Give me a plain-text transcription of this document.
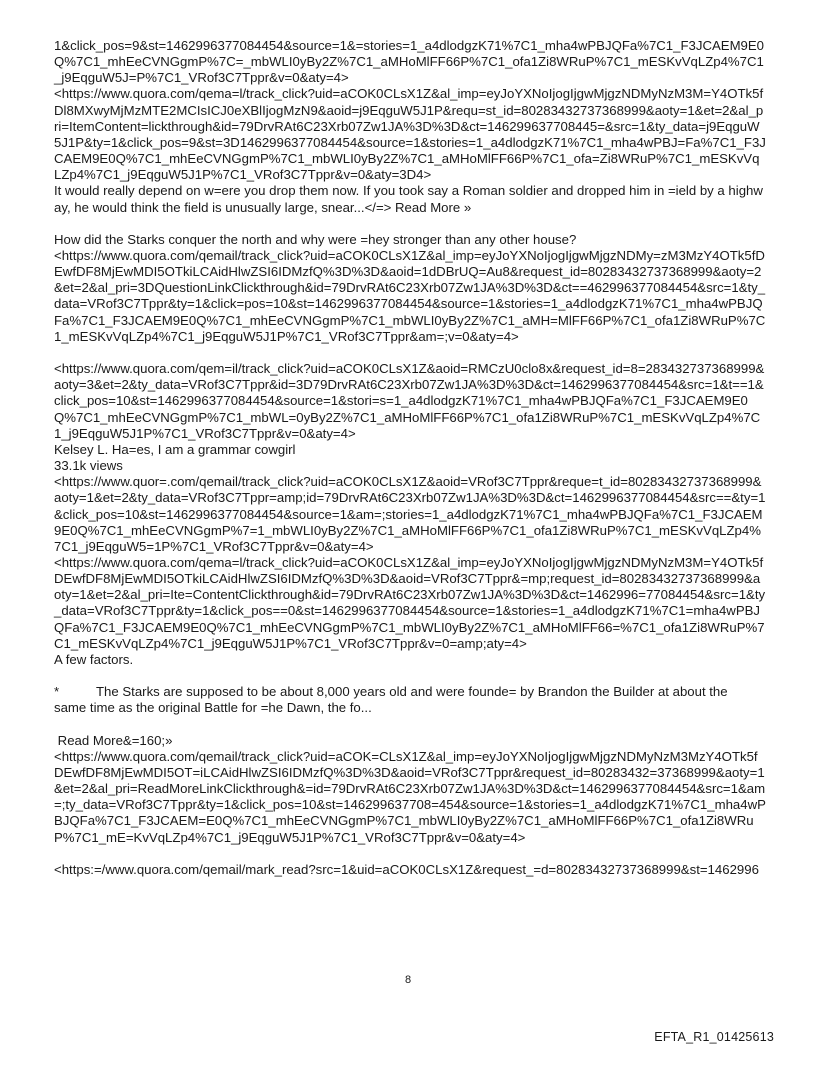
1&click_pos=9&st=1462996377084454&source=1&=stories=1_a4dlodgzK71%7C1_mha4wPBJQFa%7C1_F3JCAEM9E0Q%7C1_mhEeCVNGgmP%7C=_mbWLI0yBy2Z%7C1_aMHoMlFF66P%7C1_ofa1Zi8WRuP%7C1_mESKvVqLZp4%7C1_j9EqguW5J=P%7C1_VRof3C7Tppr&v=0&aty=4>
<https://www.quora.com/qema=l/track_click?uid=aCOK0CLsX1Z&al_imp=eyJoYXNoIjogIjgwMjgzNDMyNzM3M=Y4OTk5fDl8MXwyMjMzMTE2MCIsICJ0eXBlIjogMzN9&aoid=j9EqguW5J1P&requ=st_id=80283432737368999&aoty=1&et=2&al_pri=ItemContent=lickthrough&id=79DrvRAt6C23Xrb07Zw1JA%3D%3D&ct=146299637708445=&src=1&ty_data=j9EqguW5J1P&ty=1&click_pos=9&st=3D1462996377084454&source=1&stories=1_a4dlodgzK71%7C1_mha4wPBJ=Fa%7C1_F3JCAEM9E0Q%7C1_mhEeCVNGgmP%7C1_mbWLI0yBy2Z%7C1_aMHoMlFF66P%7C1_ofa=Zi8WRuP%7C1_mESKvVqLZp4%7C1_j9EqguW5J1P%7C1_VRof3C7Tppr&v=0&aty=3D4>

It would really depend on w=ere you drop them now. If you took say a Roman soldier and dropped him in =ield by a highway, he would think the field is unusually large, snear...</=> Read More »

How did the Starks conquer the north and why were =hey stronger than any other house?
<https://www.quora.com/qemail/track_click?uid=aCOK0CLsX1Z&al_imp=eyJoYXNoIjogIjgwMjgzNDMy=zM3MzY4OTk5fDEwfDF8MjEwMDI5OTkiLCAidHlwZSI6IDMzfQ%3D%3D&aoid=1dDBrUQ=Au8&request_id=80283432737368999&aoty=2&et=2&al_pri=3DQuestionLinkClickthrough&id=79DrvRAt6C23Xrb07Zw1JA%3D%3D&ct==462996377084454&src=1&ty_data=VRof3C7Tppr&ty=1&click=pos=10&st=1462996377084454&source=1&stories=1_a4dlodgzK71%7C1_mha4wPBJQFa%7C1_F3JCAEM9E0Q%7C1_mhEeCVNGgmP%7C1_mbWLI0yBy2Z%7C1_aMH=MlFF66P%7C1_ofa1Zi8WRuP%7C1_mESKvVqLZp4%7C1_j9EqguW5J1P%7C1_VRof3C7Tppr&am=;v=0&aty=4>

<https://www.quora.com/qem=il/track_click?uid=aCOK0CLsX1Z&aoid=RMCzU0clo8x&request_id=8=283432737368999&aoty=3&et=2&ty_data=VRof3C7Tppr&id=3D79DrvRAt6C23Xrb07Zw1JA%3D%3D&ct=1462996377084454&src=1&t==1&click_pos=10&st=1462996377084454&source=1&stori=s=1_a4dlodgzK71%7C1_mha4wPBJQFa%7C1_F3JCAEM9E0Q%7C1_mhEeCVNGgmP%7C1_mbWL=0yBy2Z%7C1_aMHoMlFF66P%7C1_ofa1Zi8WRuP%7C1_mESKvVqLZp4%7C1_j9EqguW5J1P%7C1_VRof3C7Tppr&v=0&aty=4>
Kelsey L. Ha=es, I am a grammar cowgirl
33.1k views
<https://www.quor=.com/qemail/track_click?uid=aCOK0CLsX1Z&aoid=VRof3C7Tppr&reque=t_id=80283432737368999&aoty=1&et=2&ty_data=VRof3C7Tppr=amp;id=79DrvRAt6C23Xrb07Zw1JA%3D%3D&ct=1462996377084454&src==&ty=1&click_pos=10&st=1462996377084454&source=1&am=;stories=1_a4dlodgzK71%7C1_mha4wPBJQFa%7C1_F3JCAEM9E0Q%7C1_mhEeCVNGgmP%7=1_mbWLI0yBy2Z%7C1_aMHoMlFF66P%7C1_ofa1Zi8WRuP%7C1_mESKvVqLZp4%7C1_j9EqguW5=1P%7C1_VRof3C7Tppr&v=0&aty=4>
<https://www.quora.com/qema=l/track_click?uid=aCOK0CLsX1Z&al_imp=eyJoYXNoIjogIjgwMjgzNDMyNzM3M=Y4OTk5fDEwfDF8MjEwMDI5OTkiLCAidHlwZSI6IDMzfQ%3D%3D&aoid=VRof3C7Tppr&=mp;request_id=80283432737368999&aoty=1&et=2&al_pri=Ite=ContentClickthrough&id=79DrvRAt6C23Xrb07Zw1JA%3D%3D&ct=1462996=77084454&src=1&ty_data=VRof3C7Tppr&ty=1&click_pos==0&st=1462996377084454&source=1&stories=1_a4dlodgzK71%7C1=mha4wPBJQFa%7C1_F3JCAEM9E0Q%7C1_mhEeCVNGgmP%7C1_mbWLI0yBy2Z%7C1_aMHoMlFF66=%7C1_ofa1Zi8WRuP%7C1_mESKvVqLZp4%7C1_j9EqguW5J1P%7C1_VRof3C7Tppr&v=0=amp;aty=4>
A few factors.

*	The Starks are supposed to be about 8,000 years old and were founde= by Brandon the Builder at about the

same time as the original Battle for =he Dawn, the fo...

Read More&=160;»
<https://www.quora.com/qemail/track_click?uid=aCOK=CLsX1Z&al_imp=eyJoYXNoIjogIjgwMjgzNDMyNzM3MzY4OTk5fDEwfDF8MjEwMDI5OT=iLCAidHlwZSI6IDMzfQ%3D%3D&aoid=VRof3C7Tppr&request_id=80283432=37368999&aoty=1&et=2&al_pri=ReadMoreLinkClickthrough&=id=79DrvRAt6C23Xrb07Zw1JA%3D%3D&ct=1462996377084454&src=1&am=;ty_data=VRof3C7Tppr&ty=1&click_pos=10&st=146299637708=454&source=1&stories=1_a4dlodgzK71%7C1_mha4wPBJQFa%7C1_F3JCAEM=E0Q%7C1_mhEeCVNGgmP%7C1_mbWLI0yBy2Z%7C1_aMHoMlFF66P%7C1_ofa1Zi8WRuP%7C1_mE=KvVqLZp4%7C1_j9EqguW5J1P%7C1_VRof3C7Tppr&v=0&aty=4>

<https:=/www.quora.com/qemail/mark_read?src=1&uid=aCOK0CLsX1Z&request_=d=80283432737368999&st=1462996

8
EFTA_R1_01425613
